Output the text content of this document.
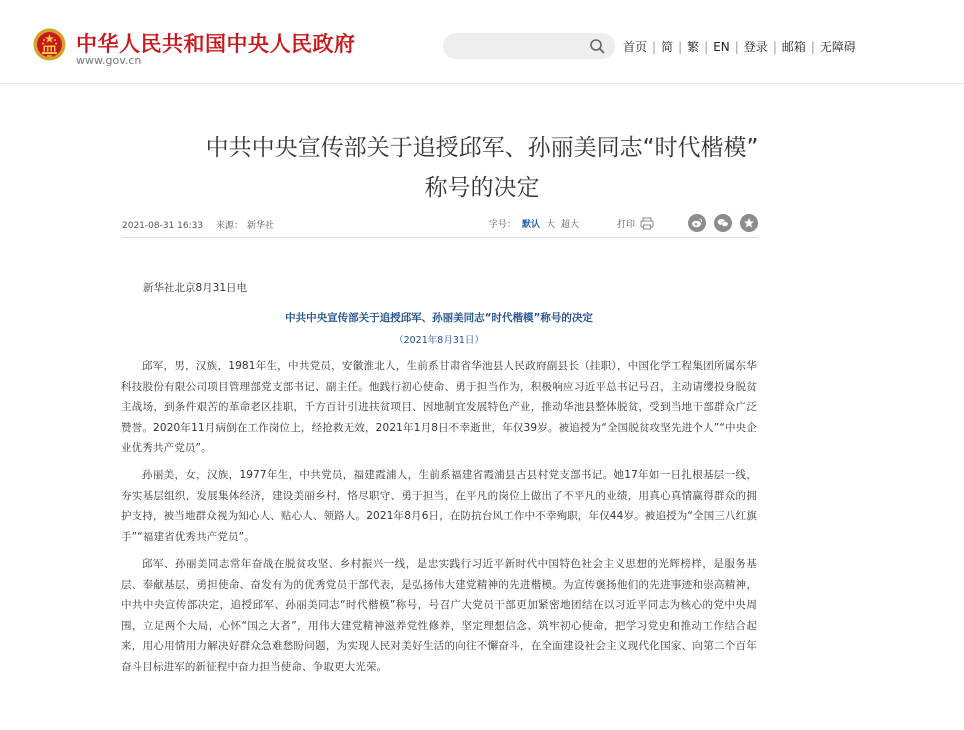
中华人民共和国中央人民政府
www.gov.cn
首页 | 简 | 繁 | EN | 登录 | 邮箱 | 无障碍
中共中央宣传部关于追授邱军、孙丽美同志“时代楷模”
称号的决定
2021-08-31 16:33 来源： 新华社	字号： 默认 大 超大	打印
新华社北京8月31日电
中共中央宣传部关于追授邱军、孙丽美同志“时代楷模”称号的决定
（2021年8月31日）

邱军，男，汉族，1981年生，中共党员，安徽淮北人，生前系甘肃省华池县人民政府副县长（挂职），中国化学工程集团所属东华科技股份有限公司项目管理部党支部书记、副主任。他践行初心使命、勇于担当作为，积极响应习近平总书记号召，主动请缨投身脱贫主战场，到条件艰苦的革命老区挂职，千方百计引进扶贫项目、因地制宜发展特色产业，推动华池县整体脱贫，受到当地干部群众广泛赞誉。2020年11月病倒在工作岗位上，经抢救无效，2021年1月8日不幸逝世，年仅39岁。被追授为“全国脱贫攻坚先进个人”“中央企业优秀共产党员”。

孙丽美，女，汉族，1977年生，中共党员，福建霞浦人，生前系福建省霞浦县古县村党支部书记。她17年如一日扎根基层一线，夯实基层组织，发展集体经济，建设美丽乡村，恪尽职守、勇于担当，在平凡的岗位上做出了不平凡的业绩，用真心真情赢得群众的拥护支持，被当地群众视为知心人、贴心人、领路人。2021年8月6日，在防抗台风工作中不幸殉职，年仅44岁。被追授为“全国三八红旗手”“福建省优秀共产党员”。

邱军、孙丽美同志常年奋战在脱贫攻坚、乡村振兴一线，是忠实践行习近平新时代中国特色社会主义思想的光辉榜样，是服务基层、奉献基层，勇担使命、奋发有为的优秀党员干部代表，是弘扬伟大建党精神的先进楷模。为宣传褒扬他们的先进事迹和崇高精神，中共中央宣传部决定，追授邱军、孙丽美同志“时代楷模”称号，号召广大党员干部更加紧密地团结在以习近平同志为核心的党中央周围，立足两个大局，心怀“国之大者”，用伟大建党精神滋养党性修养，坚定理想信念、筑牢初心使命，把学习党史和推动工作结合起来，用心用情用力解决好群众急难愁盼问题，为实现人民对美好生活的向往不懈奋斗，在全面建设社会主义现代化国家、向第二个百年奋斗目标进军的新征程中奋力担当使命、争取更大光荣。
